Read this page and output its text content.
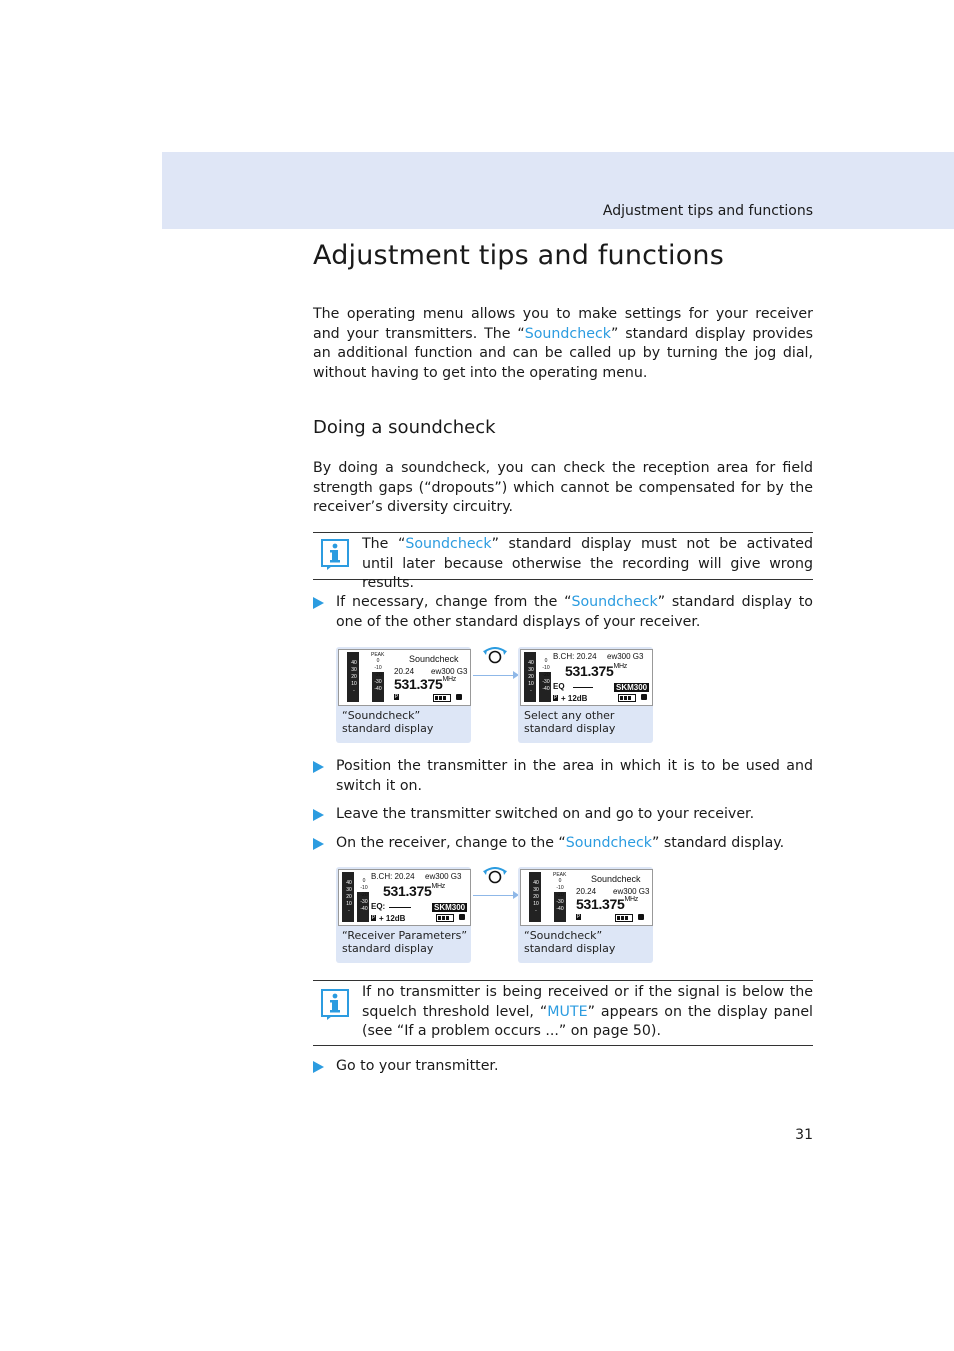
Adjustment tips and functions
Adjustment tips and functions

The operating menu allows you to make settings for your receiver and your transmitters. The “Soundcheck” standard display provides an additional function and can be called up by turning the jog dial, without having to get into the operating menu.

Doing a soundcheck

By doing a soundcheck, you can check the reception area for field strength gaps (“dropouts”) which cannot be compensated for by the receiver’s diversity circuitry.

The “Soundcheck” standard display must not be activated until later because otherwise the recording will give wrong results.
If necessary, change from the “Soundcheck” standard display to one of the other standard displays of your receiver.
40
30
20
10
-
PEAK
0
-10
-20
-30
-40
Soundcheck
20.24 ew300 G3
$531.375^{MHz}$
P
“Soundcheck” standard display
40
30
20
10
-
0
-10
-20
-30
-40
B.CH: 20.24 ew300 G3
$531.375^{MHz}$
EQ	SKM300
P + 12dB
Select any other standard display
Position the transmitter in the area in which it is to be used and switch it on.
Leave the transmitter switched on and go to your receiver.
On the receiver, change to the “Soundcheck” standard display.
40
30
20
10
-
0
-10
-20
-30
-40
B.CH: 20.24 ew300 G3
$531.375^{MHz}$
EQ:	SKM300
P + 12dB
“Receiver Parameters” standard display
40
30
20
10
-
PEAK
0
-10
-20
-30
-40
Soundcheck
20.24 ew300 G3
$531.375^{MHz}$
P
“Soundcheck” standard display
If no transmitter is being received or if the signal is below the squelch threshold level, “MUTE” appears on the display panel (see “If a problem occurs ...” on page 50).
Go to your transmitter.
31
